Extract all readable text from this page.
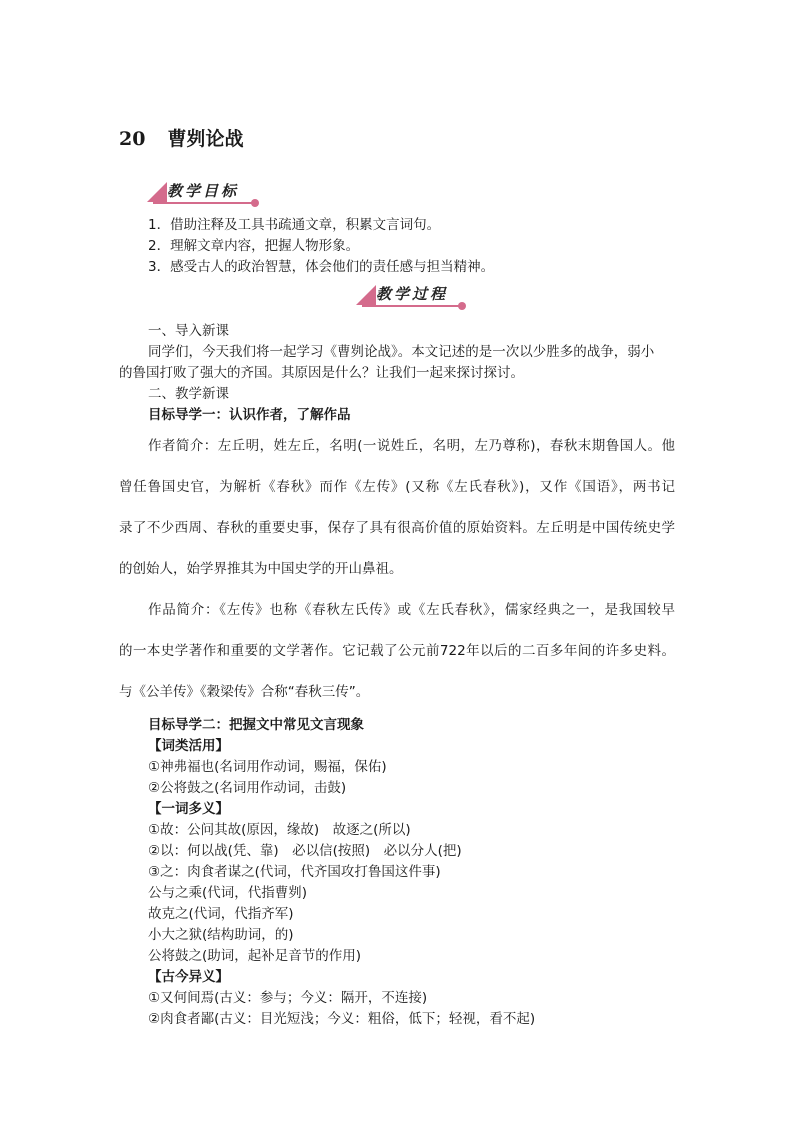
20 曹刿论战
教学目标
1．借助注释及工具书疏通文章，积累文言词句。
2．理解文章内容，把握人物形象。
3．感受古人的政治智慧，体会他们的责任感与担当精神。
教学过程
一、导入新课
同学们，今天我们将一起学习《曹刿论战》。本文记述的是一次以少胜多的战争，弱小
的鲁国打败了强大的齐国。其原因是什么？让我们一起来探讨探讨。
二、教学新课
目标导学一：认识作者，了解作品
作者简介：左丘明，姓左丘，名明(一说姓丘，名明，左乃尊称)，春秋末期鲁国人。他
曾任鲁国史官，为解析《春秋》而作《左传》(又称《左氏春秋》)，又作《国语》，两书记
录了不少西周、春秋的重要史事，保存了具有很高价值的原始资料。左丘明是中国传统史学
的创始人，始学界推其为中国史学的开山鼻祖。
作品简介：《左传》也称《春秋左氏传》或《左氏春秋》，儒家经典之一，是我国较早
的一本史学著作和重要的文学著作。它记载了公元前722年以后的二百多年间的许多史料。
与《公羊传》《穀梁传》合称“春秋三传”。
目标导学二：把握文中常见文言现象
【词类活用】
①神弗福也(名词用作动词，赐福，保佑)
②公将鼓之(名词用作动词，击鼓)
【一词多义】
①故：公问其故(原因，缘故)　故逐之(所以)
②以：何以战(凭、靠)　必以信(按照)　必以分人(把)
③之：肉食者谋之(代词，代齐国攻打鲁国这件事)
公与之乘(代词，代指曹刿)
故克之(代词，代指齐军)
小大之狱(结构助词，的)
公将鼓之(助词，起补足音节的作用)
【古今异义】
①又何间焉(古义：参与；今义：隔开，不连接)
②肉食者鄙(古义：目光短浅；今义：粗俗，低下；轻视，看不起)
